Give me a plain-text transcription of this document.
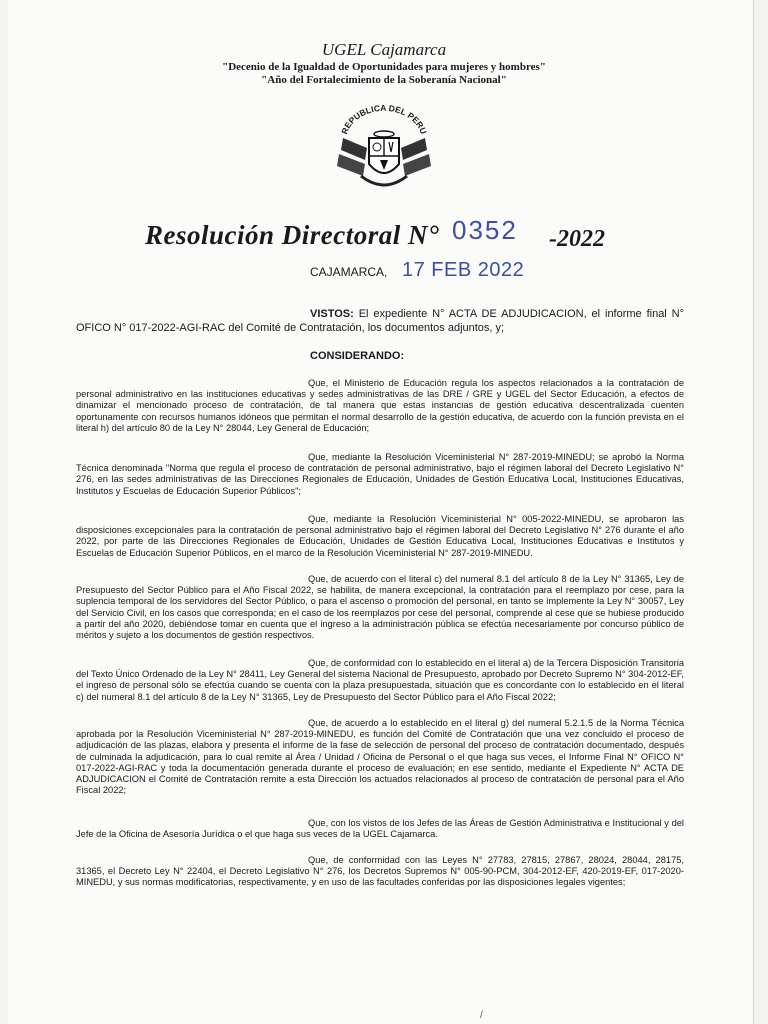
UGEL Cajamarca
"Decenio de la Igualdad de Oportunidades para mujeres y hombres"
"Año del Fortalecimiento de la Soberanía Nacional"
REPUBLICA DEL PERU
Resolución Directoral N° 0352 -2022
CAJAMARCA, 17 FEB 2022
VISTOS: El expediente N° ACTA DE ADJUDICACION, el informe final N° OFICO N° 017-2022-AGI-RAC del Comité de Contratación, los documentos adjuntos, y;
CONSIDERANDO:
Que, el Ministerio de Educación regula los aspectos relacionados a la contratación de personal administrativo en las instituciones educativas y sedes administrativas de las DRE / GRE y UGEL del Sector Educación, a efectos de dinamizar el mencionado proceso de contratación, de tal manera que estas instancias de gestión educativa descentralizada cuenten oportunamente con recursos humanos idóneos que permitan el normal desarrollo de la gestión educativa, de acuerdo con la función prevista en el literal h) del artículo 80 de la Ley N° 28044, Ley General de Educación;
Que, mediante la Resolución Viceministerial N° 287-2019-MINEDU; se aprobó la Norma Técnica denominada "Norma que regula el proceso de contratación de personal administrativo, bajo el régimen laboral del Decreto Legislativo N° 276, en las sedes administrativas de las Direcciones Regionales de Educación, Unidades de Gestión Educativa Local, Instituciones Educativas, Institutos y Escuelas de Educación Superior Públicos";
Que, mediante la Resolución Viceministerial N° 005-2022-MINEDU, se aprobaron las disposiciones excepcionales para la contratación de personal administrativo bajo el régimen laboral del Decreto Legislativo N° 276 durante el año 2022, por parte de las Direcciones Regionales de Educación, Unidades de Gestión Educativa Local, Instituciones Educativas e Institutos y Escuelas de Educación Superior Públicos, en el marco de la Resolución Viceministerial N° 287-2019-MINEDU.
Que, de acuerdo con el literal c) del numeral 8.1 del artículo 8 de la Ley N° 31365, Ley de Presupuesto del Sector Público para el Año Fiscal 2022, se habilita, de manera excepcional, la contratación para el reemplazo por cese, para la suplencia temporal de los servidores del Sector Público, o para el ascenso o promoción del personal, en tanto se implemente la Ley N° 30057, Ley del Servicio Civil, en los casos que corresponda; en el caso de los reemplazos por cese del personal, comprende al cese que se hubiese producido a partir del año 2020, debiéndose tomar en cuenta que el ingreso a la administración pública se efectúa necesariamente por concurso público de méritos y sujeto a los documentos de gestión respectivos.
Que, de conformidad con lo establecido en el literal a) de la Tercera Disposición Transitoria del Texto Único Ordenado de la Ley N° 28411, Ley General del sistema Nacional de Presupuesto, aprobado por Decreto Supremo N° 304-2012-EF, el ingreso de personal sólo se efectúa cuando se cuenta con la plaza presupuestada, situación que es concordante con lo establecido en el literal c) del numeral 8.1 del artículo 8 de la Ley N° 31365, Ley de Presupuesto del Sector Público para el Año Fiscal 2022;
Que, de acuerdo a lo establecido en el literal g) del numeral 5.2.1.5 de la Norma Técnica aprobada por la Resolución Viceministerial N° 287-2019-MINEDU, es función del Comité de Contratación que una vez concluido el proceso de adjudicación de las plazas, elabora y presenta el informe de la fase de selección de personal del proceso de contratación documentado, después de culminada la adjudicación, para lo cual remite al Área / Unidad / Oficina de Personal o el que haga sus veces, el Informe Final N° OFICO N° 017-2022-AGI-RAC y toda la documentación generada durante el proceso de evaluación; en ese sentido, mediante el Expediente N° ACTA DE ADJUDICACION el Comité de Contratación remite a esta Dirección los actuados relacionados al proceso de contratación de personal para el Año Fiscal 2022;
Que, con los vistos de los Jefes de las Áreas de Gestión Administrativa e Institucional y del Jefe de la Oficina de Asesoría Jurídica o el que haga sus veces de la UGEL Cajamarca.
Que, de conformidad con las Leyes N° 27783, 27815, 27867, 28024, 28044, 28175, 31365, el Decreto Ley N° 22404, el Decreto Legislativo N° 276, los Decretos Supremos N° 005-90-PCM, 304-2012-EF, 420-2019-EF, 017-2020-MINEDU, y sus normas modificatorias, respectivamente, y en uso de las facultades conferidas por las disposiciones legales vigentes;
/
